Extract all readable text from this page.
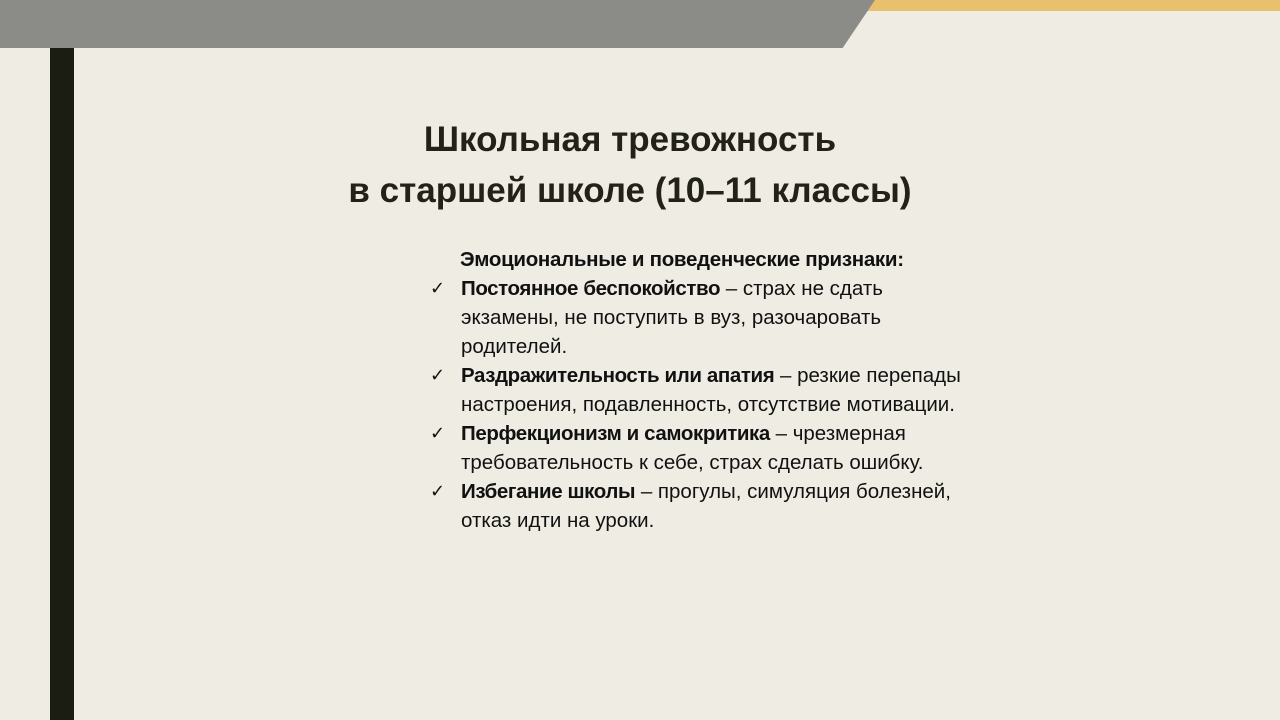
Школьная тревожность
в старшей школе (10–11 классы)
Эмоциональные и поведенческие признаки:
✓ Постоянное беспокойство – страх не сдать экзамены, не поступить в вуз, разочаровать родителей.
✓ Раздражительность или апатия – резкие перепады настроения, подавленность, отсутствие мотивации.
✓ Перфекционизм и самокритика – чрезмерная требовательность к себе, страх сделать ошибку.
✓ Избегание школы – прогулы, симуляция болезней, отказ идти на уроки.
